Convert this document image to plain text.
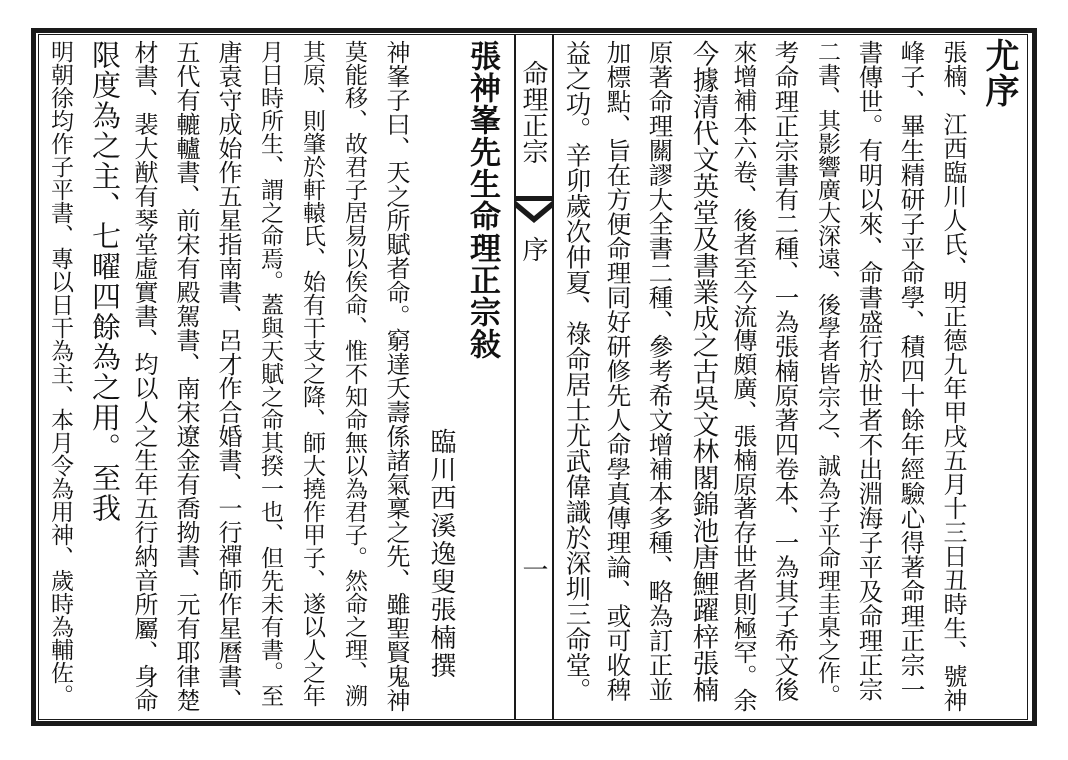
尤序
張楠、江西臨川人氏、明正德九年甲戌五月十三日丑時生、號神
峰子、畢生精研子平命學、積四十餘年經驗心得著命理正宗一
書傳世。有明以來、命書盛行於世者不出淵海子平及命理正宗
二書、其影響廣大深遠、後學者皆宗之、誠為子平命理圭臬之作。
考命理正宗書有二種、一為張楠原著四卷本、一為其子希文後
來增補本六卷、後者至今流傳頗廣、張楠原著存世者則極罕。余
今據清代文英堂及書業成之古吳文林閣錦池唐鯉躍梓張楠
原著命理關謬大全書二種、參考希文增補本多種、略為訂正並
加標點、旨在方便命理同好研修先人命學真傳理論、或可收稗
益之功。辛卯歲次仲夏、祿命居士尤武偉識於深圳三命堂。
命理正宗
序
一
張神峯先生命理正宗敍
臨川西溪逸叟張楠撰
神峯子曰、天之所賦者命。窮達夭壽係諸氣稟之先、雖聖賢鬼神
莫能移、故君子居易以俟命、惟不知命無以為君子。然命之理、溯
其原、則肇於軒轅氏、始有干支之降、師大撓作甲子、遂以人之年
月日時所生、謂之命焉。蓋與天賦之命其揆一也、但先未有書。至
唐袁守成始作五星指南書、呂才作合婚書、一行禪師作星曆書、
五代有轆轤書、前宋有殿駕書、南宋遼金有喬拗書、元有耶律楚
材書、裴大猷有琴堂虛實書、均以人之生年五行納音所屬、身命
限度為之主、七曜四餘為之用。至我
明朝徐均作子平書、專以日干為主、本月令為用神、歲時為輔佐。
